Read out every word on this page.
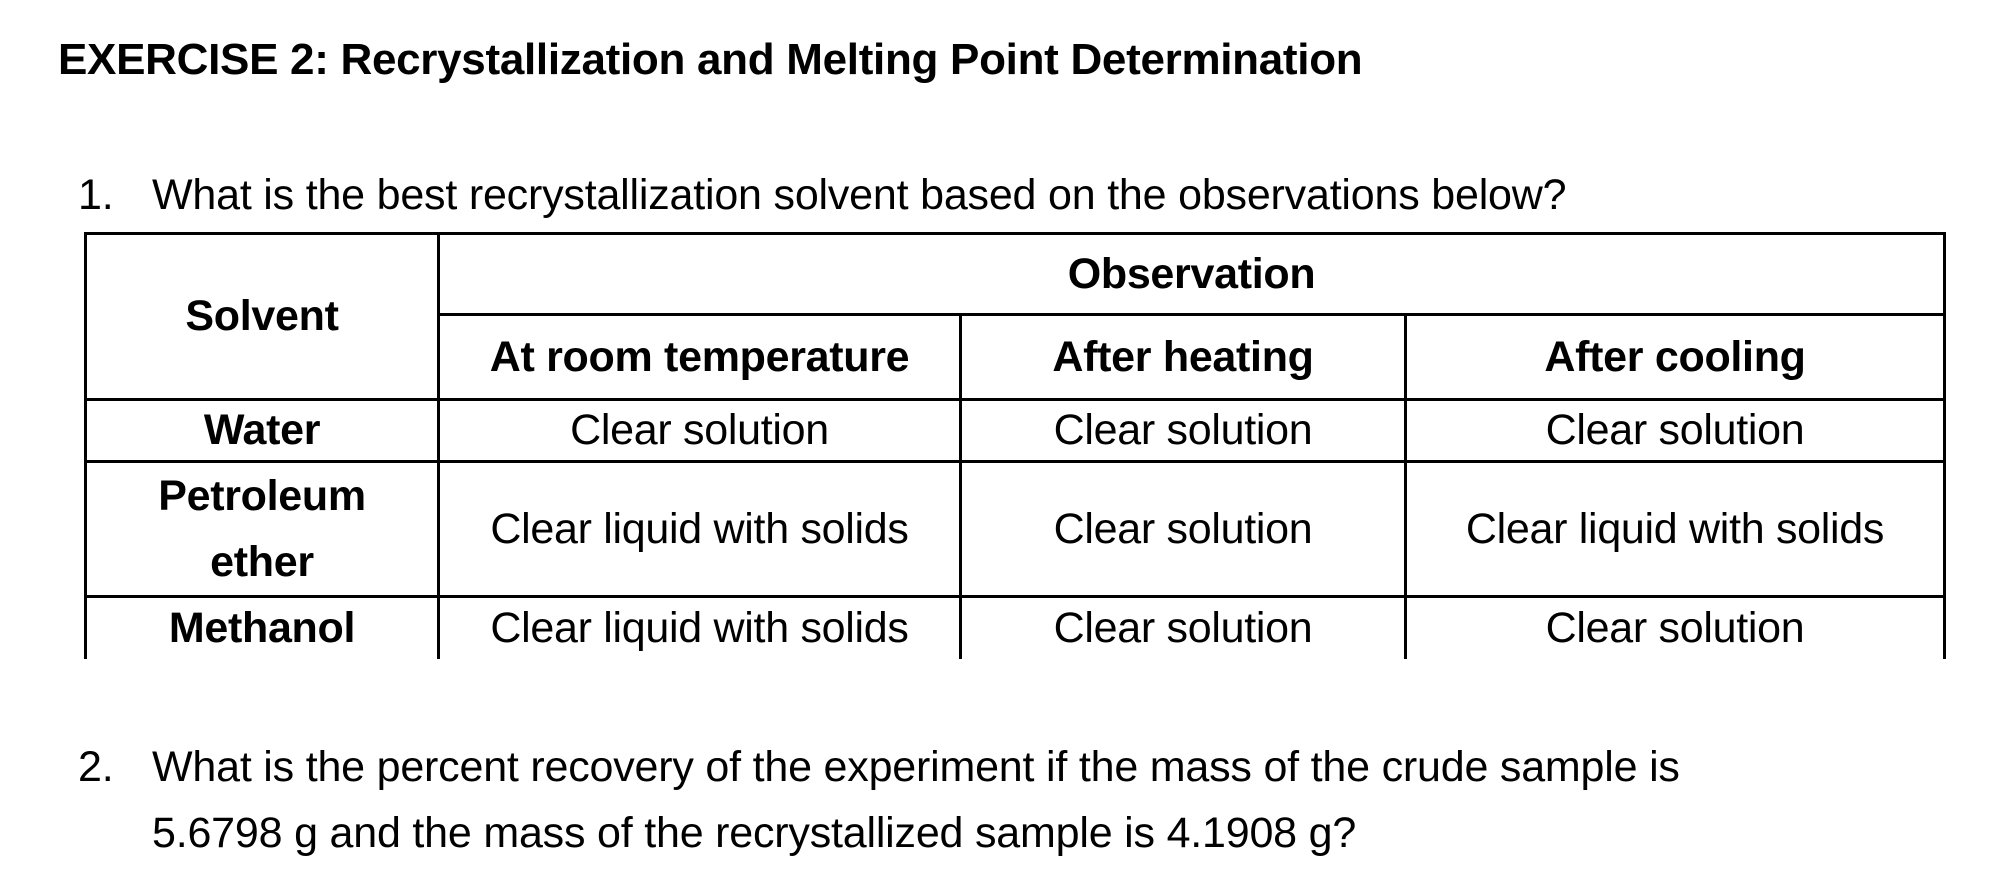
EXERCISE 2: Recrystallization and Melting Point Determination
1. What is the best recrystallization solvent based on the observations below?
Solvent	Observation		
	At room temperature	After heating	After cooling
Water	Clear solution	Clear solution	Clear solution

Petroleum
ether	Clear liquid with solids	Clear solution	Clear liquid with solids
Methanol	Clear liquid with solids	Clear solution	Clear solution
2. What is the percent recovery of the experiment if the mass of the crude sample is
5.6798 g and the mass of the recrystallized sample is 4.1908 g?
